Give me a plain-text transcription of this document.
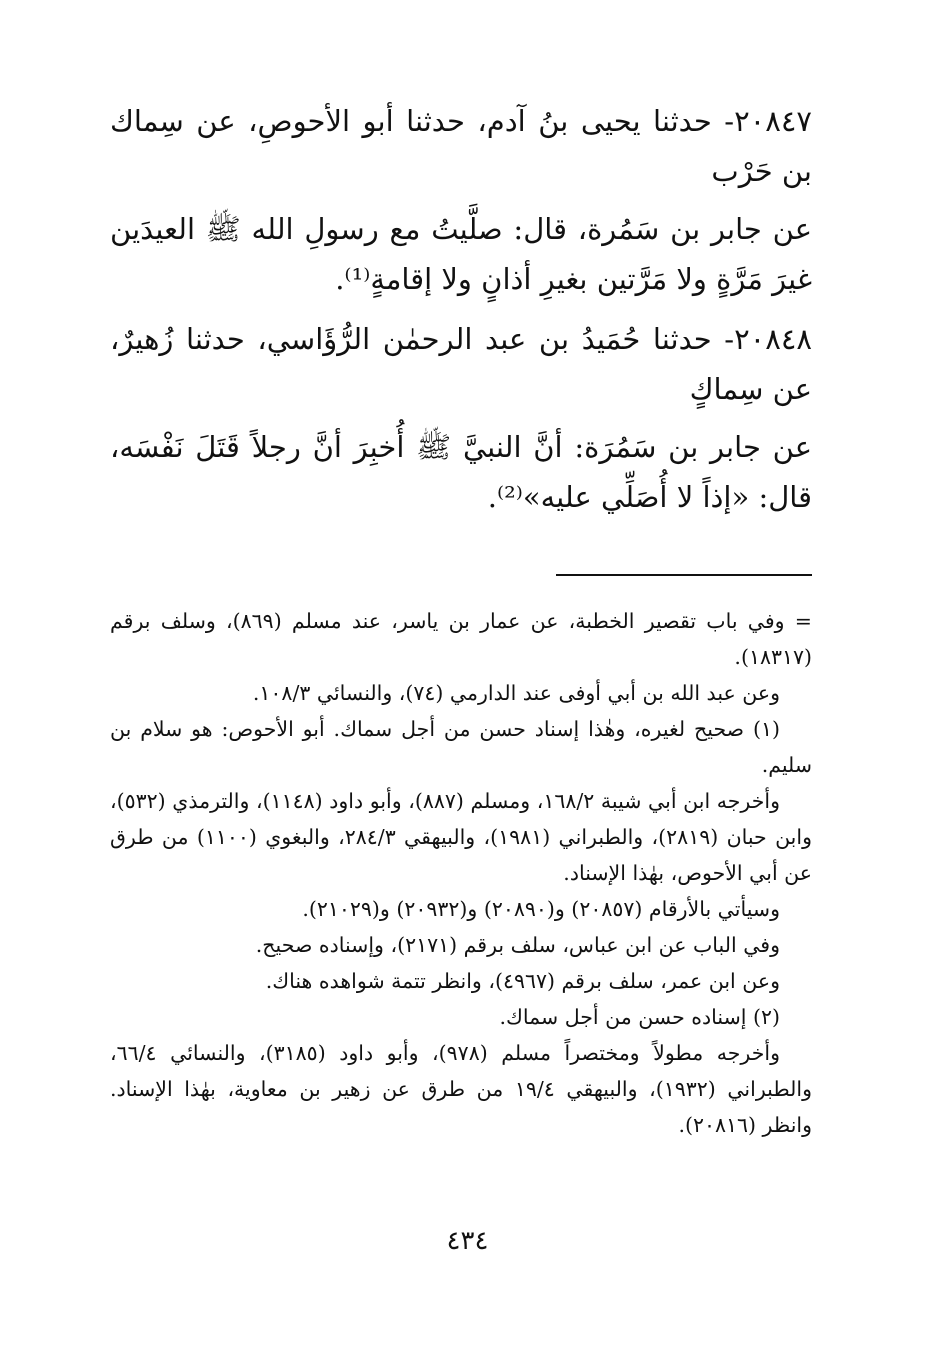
٢٠٨٤٧- حدثنا يحيى بنُ آدم، حدثنا أبو الأحوصِ، عن سِماك بن حَرْب

عن جابر بن سَمُرة، قال: صلَّيتُ مع رسولِ الله ﷺ العيدَين غيرَ مَرَّةٍ ولا مَرَّتين بغيرِ أذانٍ ولا إقامةٍ⁽¹⁾.

٢٠٨٤٨- حدثنا حُمَيدُ بن عبد الرحمٰن الرُّؤَاسي، حدثنا زُهيرٌ، عن سِماكٍ

عن جابر بن سَمُرَة: أنَّ النبيَّ ﷺ أُخبِرَ أنَّ رجلاً قَتَلَ نَفْسَه، قال: «إذاً لا أُصَلِّي عليه»⁽²⁾.

= وفي باب تقصير الخطبة، عن عمار بن ياسر، عند مسلم (٨٦٩)، وسلف برقم (١٨٣١٧).

وعن عبد الله بن أبي أوفى عند الدارمي (٧٤)، والنسائي ١٠٨/٣.

(١) صحيح لغيره، وهٰذا إسناد حسن من أجل سماك. أبو الأحوص: هو سلام بن سليم.

وأخرجه ابن أبي شيبة ١٦٨/٢، ومسلم (٨٨٧)، وأبو داود (١١٤٨)، والترمذي (٥٣٢)، وابن حبان (٢٨١٩)، والطبراني (١٩٨١)، والبيهقي ٢٨٤/٣، والبغوي (١١٠٠) من طرق عن أبي الأحوص، بهٰذا الإسناد.

وسيأتي بالأرقام (٢٠٨٥٧) و(٢٠٨٩٠) و(٢٠٩٣٢) و(٢١٠٢٩).

وفي الباب عن ابن عباس، سلف برقم (٢١٧١)، وإسناده صحيح.

وعن ابن عمر، سلف برقم (٤٩٦٧)، وانظر تتمة شواهده هناك.

(٢) إسناده حسن من أجل سماك.

وأخرجه مطولاً ومختصراً مسلم (٩٧٨)، وأبو داود (٣١٨٥)، والنسائي ٦٦/٤، والطبراني (١٩٣٢)، والبيهقي ١٩/٤ من طرق عن زهير بن معاوية، بهٰذا الإسناد. وانظر (٢٠٨١٦).

٤٣٤
